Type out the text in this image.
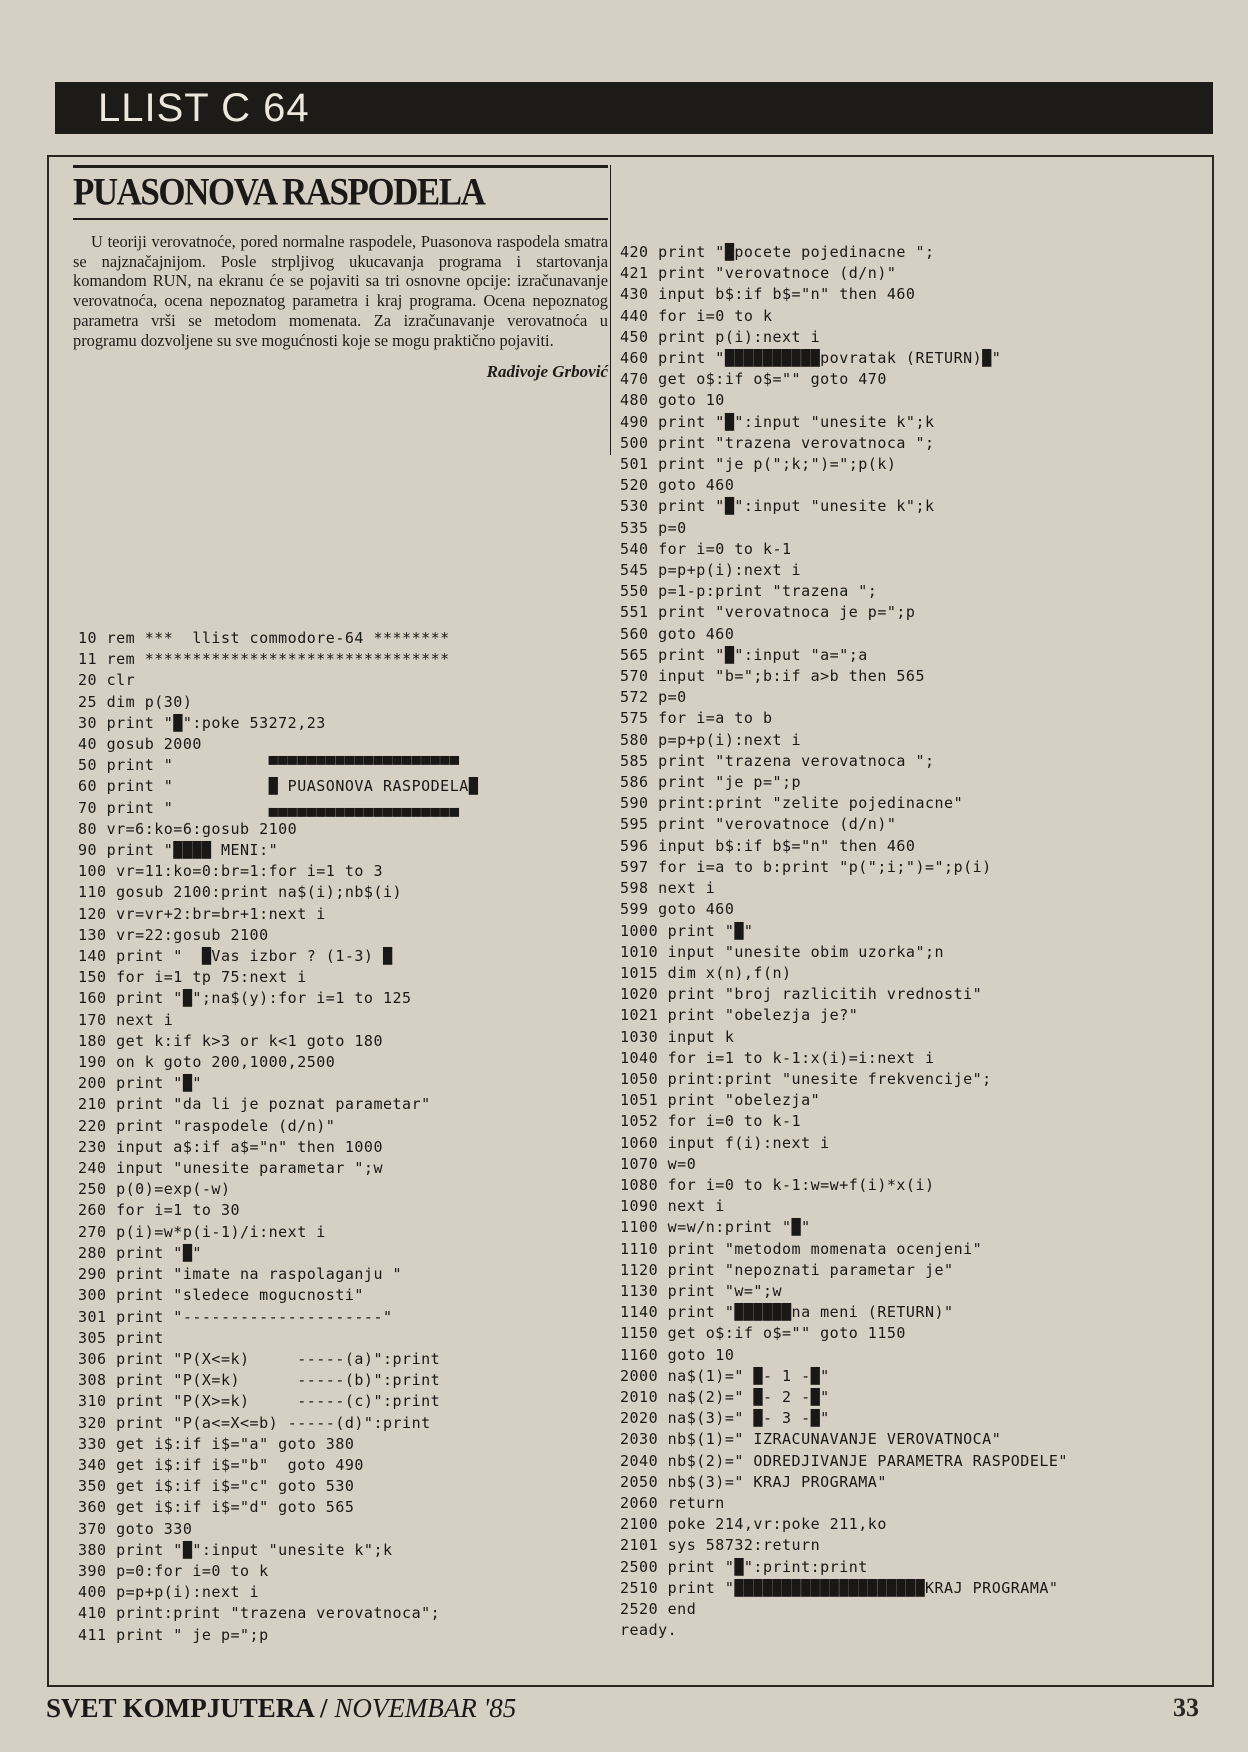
LLIST C 64
PUASONOVA RASPODELA

U teoriji verovatnoće, pored normalne raspodele, Puasonova raspodela smatra se najznačajnijom. Posle strpljivog ukucavanja programa i startovanja komandom RUN, na ekranu će se pojaviti sa tri osnovne opcije: izračunavanje verovatnoća, ocena nepoznatog parametra i kraj programa. Ocena nepoznatog parametra vrši se metodom momenata. Za izračunavanje verovatnoća u programu dozvoljene su sve mogućnosti koje se mogu praktično pojaviti.

Radivoje Grbović
10 rem ***  llist commodore-64 ********
11 rem ********************************
20 clr
25 dim p(30)
30 print "█":poke 53272,23
40 gosub 2000
50 print "          ▀▀▀▀▀▀▀▀▀▀▀▀▀▀▀▀▀▀▀▀
60 print "          █ PUASONOVA RASPODELA█
70 print "          ▄▄▄▄▄▄▄▄▄▄▄▄▄▄▄▄▄▄▄▄
80 vr=6:ko=6:gosub 2100
90 print "████ MENI:"
100 vr=11:ko=0:br=1:for i=1 to 3
110 gosub 2100:print na$(i);nb$(i)
120 vr=vr+2:br=br+1:next i
130 vr=22:gosub 2100
140 print "  █Vas izbor ? (1-3) █
150 for i=1 tp 75:next i
160 print "█";na$(y):for i=1 to 125
170 next i
180 get k:if k>3 or k<1 goto 180
190 on k goto 200,1000,2500
200 print "█"
210 print "da li je poznat parametar"
220 print "raspodele (d/n)"
230 input a$:if a$="n" then 1000
240 input "unesite parametar ";w
250 p(0)=exp(-w)
260 for i=1 to 30
270 p(i)=w*p(i-1)/i:next i
280 print "█"
290 print "imate na raspolaganju "
300 print "sledece mogucnosti"
301 print "---------------------"
305 print
306 print "P(X<=k)     -----(a)":print
308 print "P(X=k)      -----(b)":print
310 print "P(X>=k)     -----(c)":print
320 print "P(a<=X<=b) -----(d)":print
330 get i$:if i$="a" goto 380
340 get i$:if i$="b"  goto 490
350 get i$:if i$="c" goto 530
360 get i$:if i$="d" goto 565
370 goto 330
380 print "█":input "unesite k";k
390 p=0:for i=0 to k
400 p=p+p(i):next i
410 print:print "trazena verovatnoca";
411 print " je p=";p

420 print "█pocete pojedinacne ";
421 print "verovatnoce (d/n)"
430 input b$:if b$="n" then 460
440 for i=0 to k
450 print p(i):next i
460 print "██████████povratak (RETURN)█"
470 get o$:if o$="" goto 470
480 goto 10
490 print "█":input "unesite k";k
500 print "trazena verovatnoca ";
501 print "je p(";k;")=";p(k)
520 goto 460
530 print "█":input "unesite k";k
535 p=0
540 for i=0 to k-1
545 p=p+p(i):next i
550 p=1-p:print "trazena ";
551 print "verovatnoca je p=";p
560 goto 460
565 print "█":input "a=";a
570 input "b=";b:if a>b then 565
572 p=0
575 for i=a to b
580 p=p+p(i):next i
585 print "trazena verovatnoca ";
586 print "je p=";p
590 print:print "zelite pojedinacne"
595 print "verovatnoce (d/n)"
596 input b$:if b$="n" then 460
597 for i=a to b:print "p(";i;")=";p(i)
598 next i
599 goto 460
1000 print "█"
1010 input "unesite obim uzorka";n
1015 dim x(n),f(n)
1020 print "broj razlicitih vrednosti"
1021 print "obelezja je?"
1030 input k
1040 for i=1 to k-1:x(i)=i:next i
1050 print:print "unesite frekvencije";
1051 print "obelezja"
1052 for i=0 to k-1
1060 input f(i):next i
1070 w=0
1080 for i=0 to k-1:w=w+f(i)*x(i)
1090 next i
1100 w=w/n:print "█"
1110 print "metodom momenata ocenjeni"
1120 print "nepoznati parametar je"
1130 print "w=";w
1140 print "██████na meni (RETURN)"
1150 get o$:if o$="" goto 1150
1160 goto 10
2000 na$(1)=" █- 1 -█"
2010 na$(2)=" █- 2 -█"
2020 na$(3)=" █- 3 -█"
2030 nb$(1)=" IZRACUNAVANJE VEROVATNOCA"
2040 nb$(2)=" ODREDJIVANJE PARAMETRA RASPODELE"
2050 nb$(3)=" KRAJ PROGRAMA"
2060 return
2100 poke 214,vr:poke 211,ko
2101 sys 58732:return
2500 print "█":print:print
2510 print "████████████████████KRAJ PROGRAMA"
2520 end
ready.

SVET KOMPJUTERA / NOVEMBAR '85	33
